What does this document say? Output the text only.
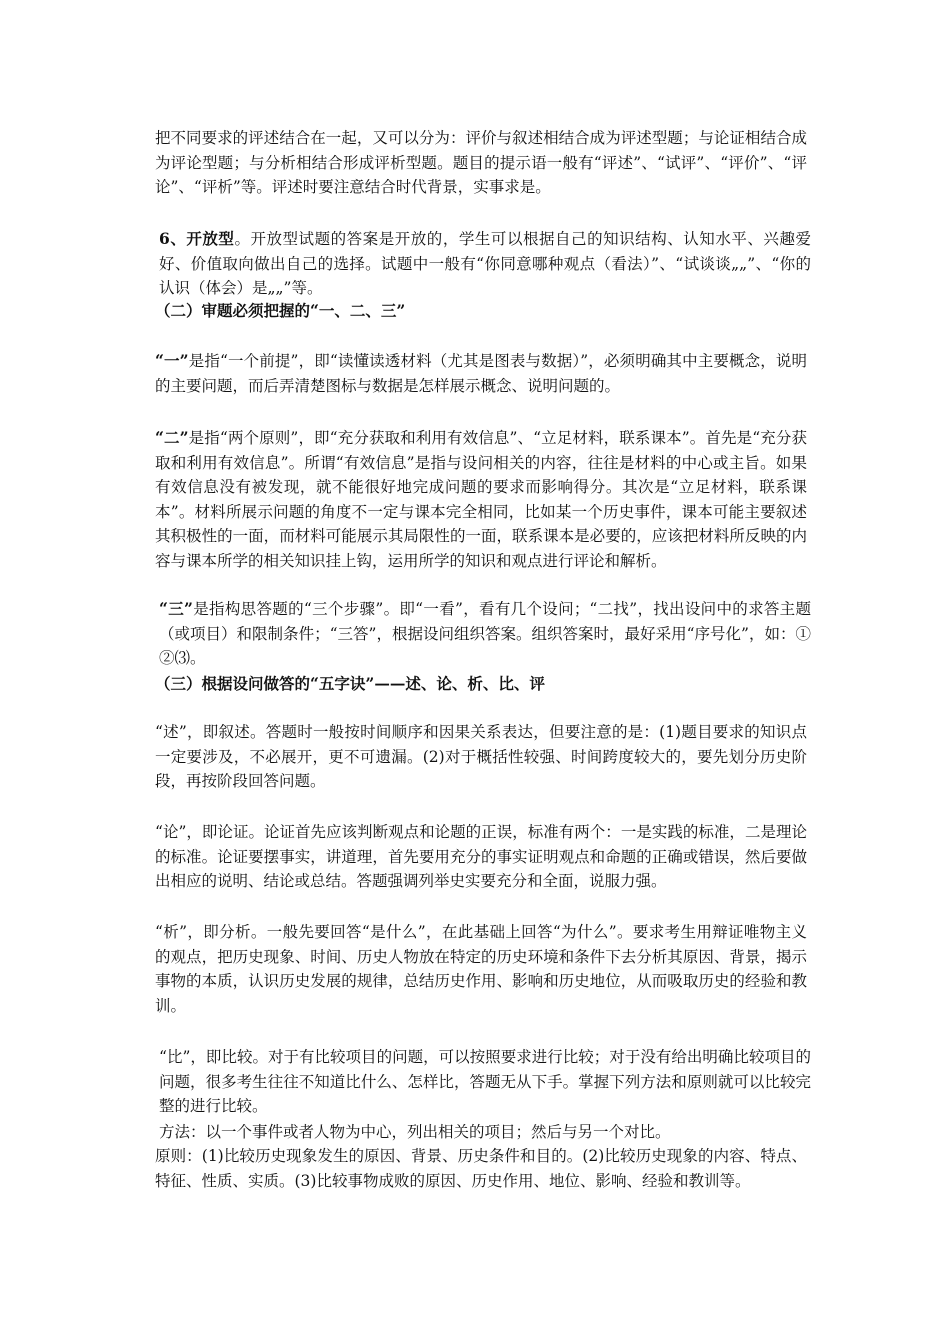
把不同要求的评述结合在一起，又可以分为：评价与叙述相结合成为评述型题；与论证相结合成为评论型题；与分析相结合形成评析型题。题目的提示语一般有“评述”、“试评”、“评价”、“评论”、“评析”等。评述时要注意结合时代背景，实事求是。

6、开放型。开放型试题的答案是开放的，学生可以根据自己的知识结构、认知水平、兴趣爱好、价值取向做出自己的选择。试题中一般有“你同意哪种观点（看法）”、“试谈谈„„”、“你的认识（体会）是„„”等。

（二）审题必须把握的“一、二、三”

“一”是指“一个前提”，即“读懂读透材料（尤其是图表与数据）”，必须明确其中主要概念，说明的主要问题，而后弄清楚图标与数据是怎样展示概念、说明问题的。

“二”是指“两个原则”，即“充分获取和利用有效信息”、“立足材料，联系课本”。首先是“充分获取和利用有效信息”。所谓“有效信息”是指与设问相关的内容，往往是材料的中心或主旨。如果有效信息没有被发现，就不能很好地完成问题的要求而影响得分。其次是“立足材料，联系课本”。材料所展示问题的角度不一定与课本完全相同，比如某一个历史事件，课本可能主要叙述其积极性的一面，而材料可能展示其局限性的一面，联系课本是必要的，应该把材料所反映的内容与课本所学的相关知识挂上钩，运用所学的知识和观点进行评论和解析。

“三”是指构思答题的“三个步骤”。即“一看”，看有几个设问；“二找”，找出设问中的求答主题（或项目）和限制条件；“三答”，根据设问组织答案。组织答案时，最好采用“序号化”，如：①②⑶。

（三）根据设问做答的“五字诀”——述、论、析、比、评

“述”，即叙述。答题时一般按时间顺序和因果关系表达，但要注意的是：(1)题目要求的知识点一定要涉及，不必展开，更不可遗漏。(2)对于概括性较强、时间跨度较大的，要先划分历史阶段，再按阶段回答问题。

“论”，即论证。论证首先应该判断观点和论题的正误，标准有两个：一是实践的标准，二是理论的标准。论证要摆事实，讲道理，首先要用充分的事实证明观点和命题的正确或错误，然后要做出相应的说明、结论或总结。答题强调列举史实要充分和全面，说服力强。

“析”，即分析。一般先要回答“是什么”，在此基础上回答“为什么”。要求考生用辩证唯物主义的观点，把历史现象、时间、历史人物放在特定的历史环境和条件下去分析其原因、背景，揭示事物的本质，认识历史发展的规律，总结历史作用、影响和历史地位，从而吸取历史的经验和教训。

“比”，即比较。对于有比较项目的问题，可以按照要求进行比较；对于没有给出明确比较项目的问题，很多考生往往不知道比什么、怎样比，答题无从下手。掌握下列方法和原则就可以比较完整的进行比较。

方法：以一个事件或者人物为中心，列出相关的项目；然后与另一个对比。

原则：(1)比较历史现象发生的原因、背景、历史条件和目的。(2)比较历史现象的内容、特点、特征、性质、实质。(3)比较事物成败的原因、历史作用、地位、影响、经验和教训等。
